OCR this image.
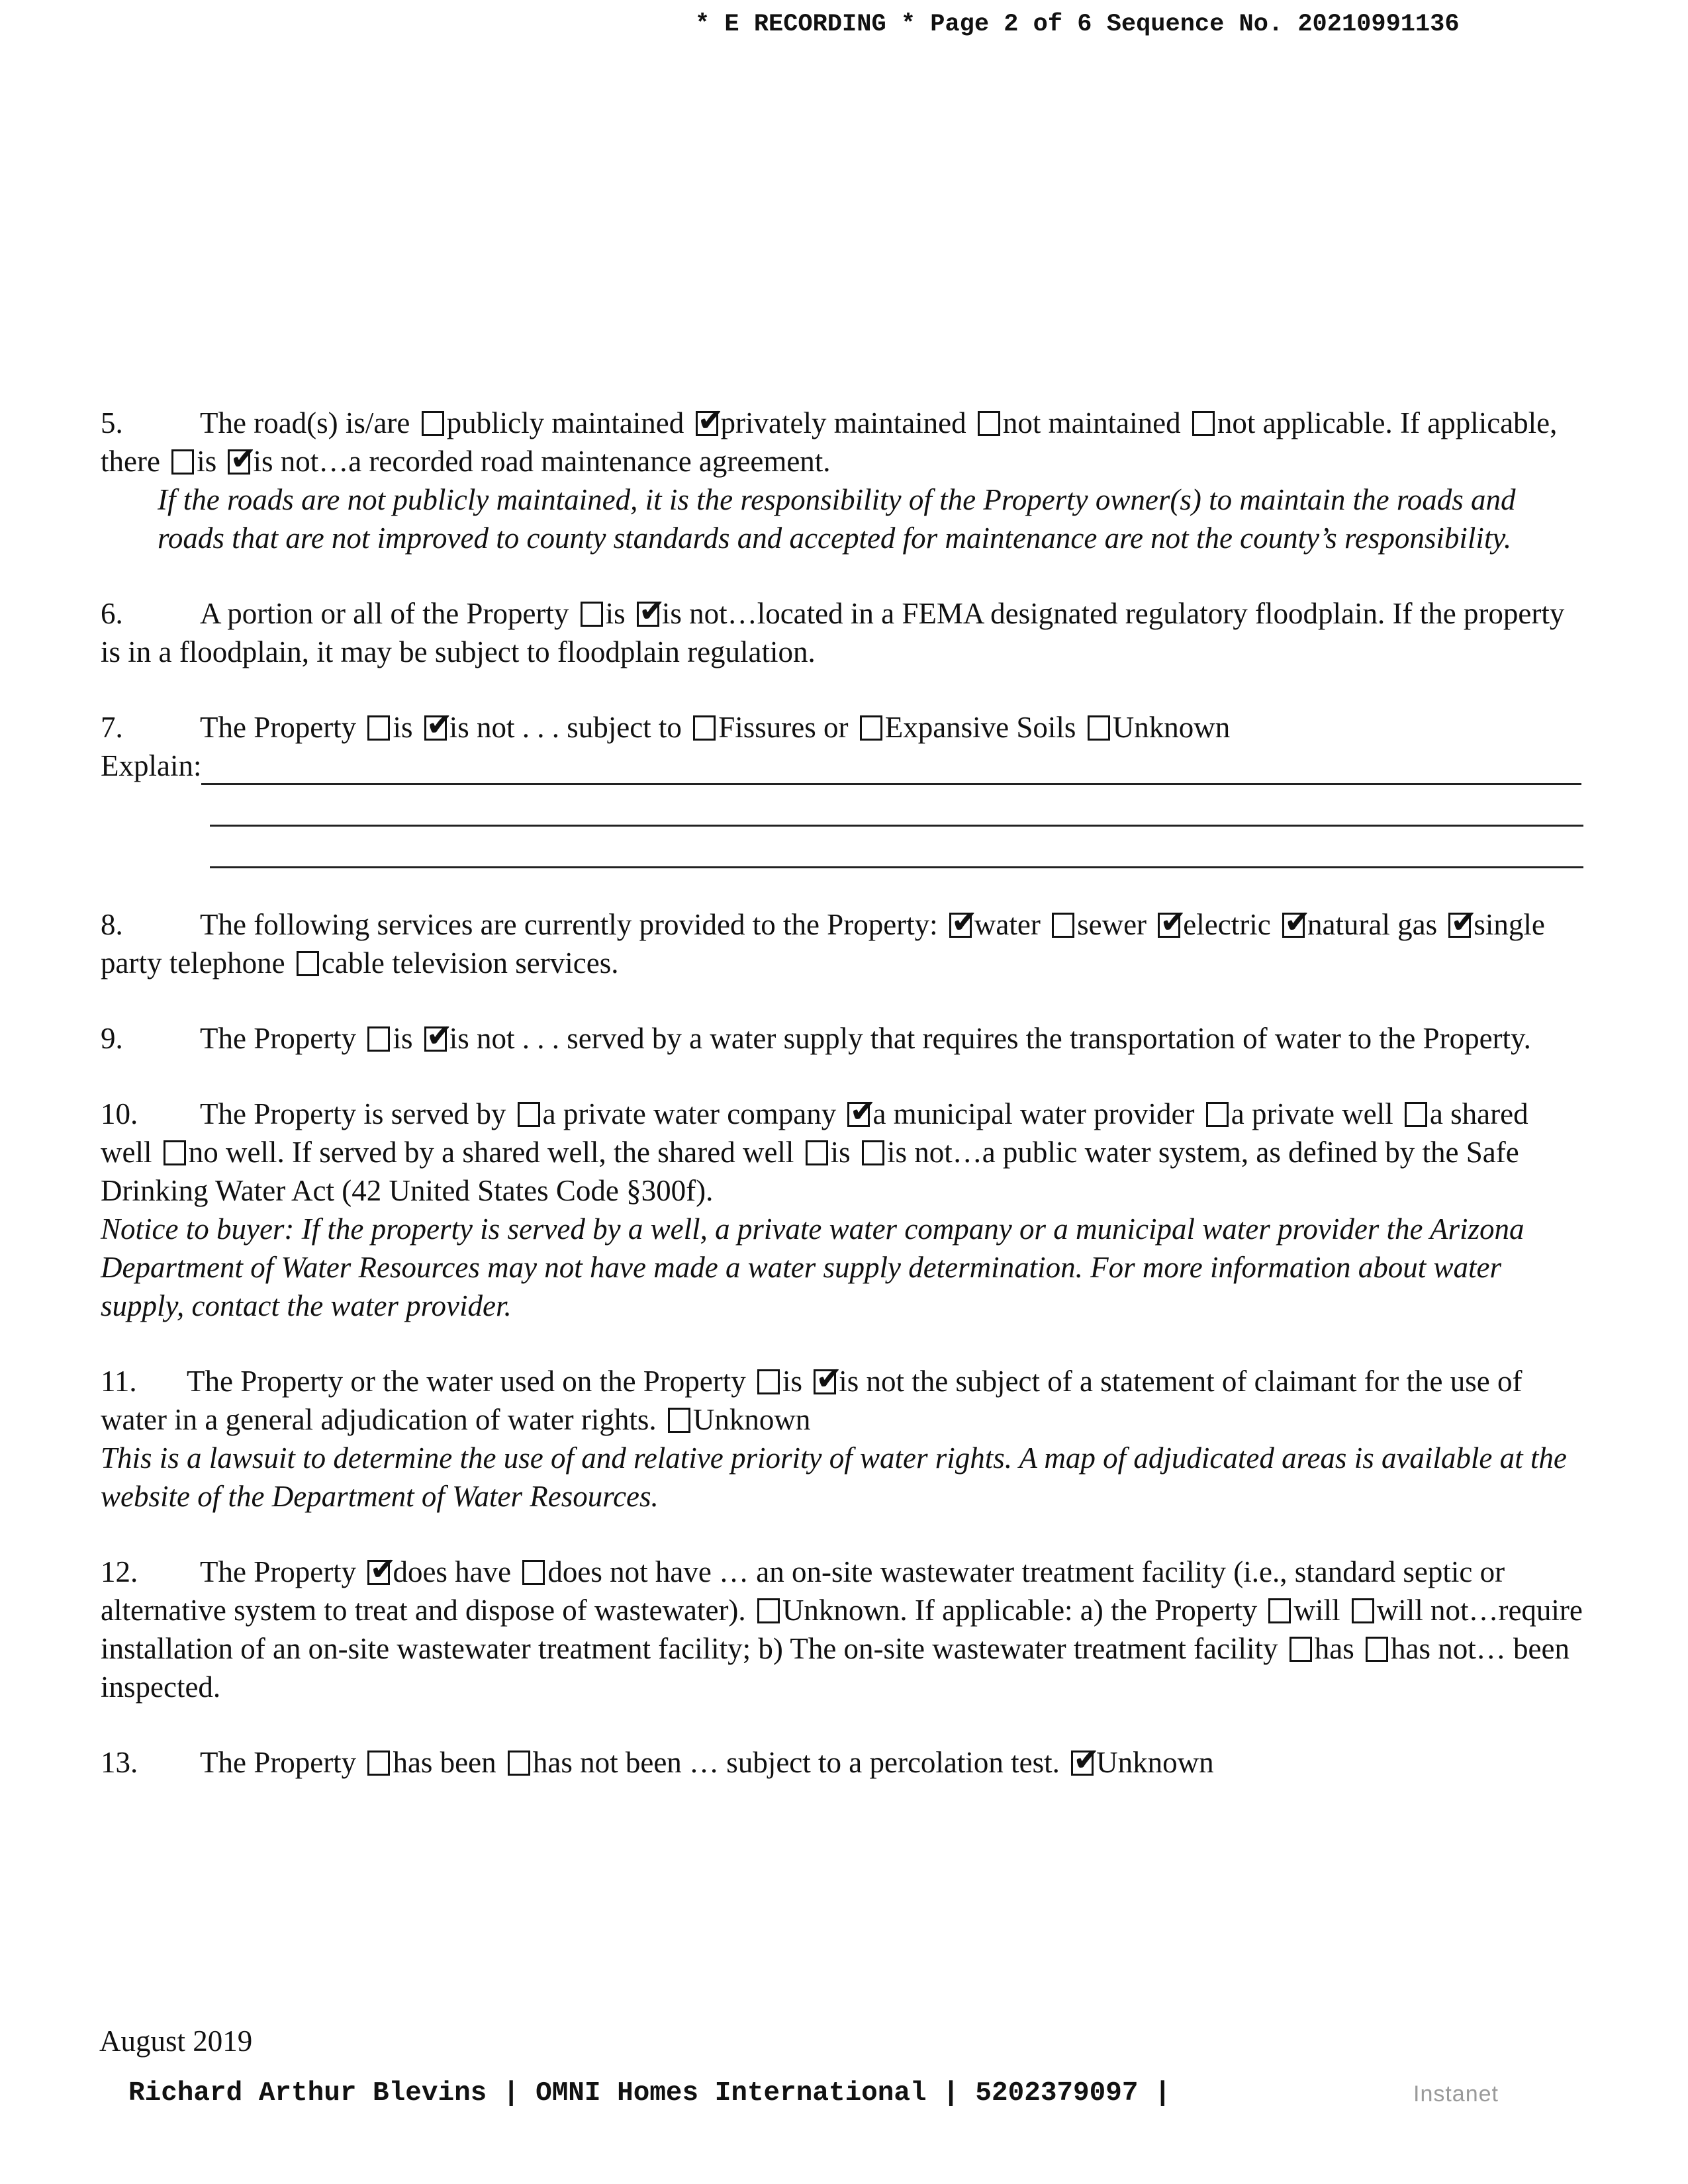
* E RECORDING * Page 2 of 6 Sequence No. 20210991136
5.	The road(s) is/are publicly maintained ✔ privately maintained not maintained not applicable. If applicable, there is ✔ is not…a recorded road maintenance agreement.
If the roads are not publicly maintained, it is the responsibility of the Property owner(s) to maintain the roads and roads that are not improved to county standards and accepted for maintenance are not the county’s responsibility.
6.	A portion or all of the Property is ✔ is not…located in a FEMA designated regulatory floodplain. If the property is in a floodplain, it may be subject to floodplain regulation.
7.	The Property is ✔ is not . . . subject to Fissures or Expansive Soils Unknown
Explain:
8.	The following services are currently provided to the Property: ✔ water sewer ✔ electric ✔ natural gas ✔ single party telephone cable television services.
9.	The Property is ✔ is not . . . served by a water supply that requires the transportation of water to the Property.
10. The Property is served by a private water company ✔ a municipal water provider a private well a shared well no well. If served by a shared well, the shared well is is not…a public water system, as defined by the Safe Drinking Water Act (42 United States Code §300f).
Notice to buyer: If the property is served by a well, a private water company or a municipal water provider the Arizona Department of Water Resources may not have made a water supply determination. For more information about water supply, contact the water provider.
11. The Property or the water used on the Property is ✔ is not the subject of a statement of claimant for the use of water in a general adjudication of water rights. Unknown
This is a lawsuit to determine the use of and relative priority of water rights. A map of adjudicated areas is available at the website of the Department of Water Resources.
12. The Property ✔ does have does not have … an on-site wastewater treatment facility (i.e., standard septic or alternative system to treat and dispose of wastewater). Unknown. If applicable: a) the Property will will not…require installation of an on-site wastewater treatment facility; b) The on-site wastewater treatment facility has has not… been inspected.
13. The Property has been has not been … subject to a percolation test. ✔ Unknown
August 2019
Richard Arthur Blevins | OMNI Homes International | 5202379097 |	Instanet
